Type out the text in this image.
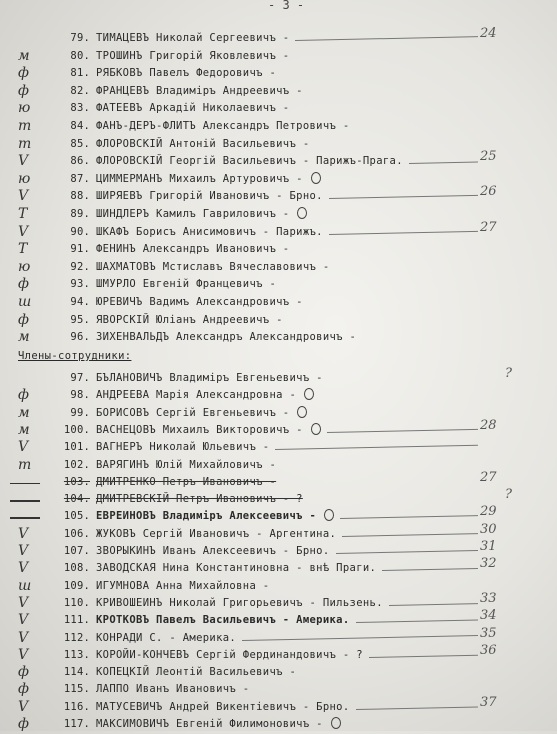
- 3 -
79. ТИМАЦЕВЪ Николай Сергеевичъ -	24
м	80. ТРОШИНЪ Григорій Яковлевичъ -
ф	81. РЯБКОВЪ Павелъ Федоровичъ -
ф	82. ФРАНЦЕВЪ Владиміръ Андреевичъ -
ю	83. ФАТЕЕВЪ Аркадій Николаевичъ -
т	84. ФАНЪ-ДЕРЪ-ФЛИТЪ Александръ Петровичъ -
т	85. ФЛОРОВСКІЙ Антоній Васильевичъ -
V	86. ФЛОРОВСКІЙ Георгій Васильевичъ - Парижъ-Прага.	25
ю	87. ЦИММЕРМАНЪ Михаилъ Артуровичъ -
V	88. ШИРЯЕВЪ Григорій Ивановичъ - Брно.	26
Т	89. ШИНДЛЕРЪ Камилъ Гавриловичъ -
V	90. ШКАФЪ Борисъ Анисимовичъ - Парижъ.	27
Т	91. ФЕНИНЪ Александръ Ивановичъ -
ю	92. ШАХМАТОВЪ Мстиславъ Вячеславовичъ -
ф	93. ШМУРЛО Евгеній Францевичъ -
ш	94. ЮРЕВИЧЪ Вадимъ Александровичъ -
ф	95. ЯВОРСКІЙ Юліанъ Андреевичъ -
м	96. ЗИХЕНВАЛЬДЪ Александръ Александровичъ -
Члены-сотрудники:
97. БЪЛАНОВИЧЪ Владиміръ Евгеньевичъ -	?
ф	98. АНДРЕЕВА Марія Александровна -
м	99. БОРИСОВЪ Сергій Евгеньевичъ -
м	100. ВАСНЕЦОВЪ Михаилъ Викторовичъ -	28
V	101. ВАГНЕРЪ Николай Юльевичъ -
т	102. ВАРЯГИНЪ Юлій Михайловичъ -
103. ДМИТРЕНКО Петръ Ивановичъ -	27
104. ДМИТРЕВСКІЙ Петръ Ивановичъ - ?	?
105. ЕВРЕИНОВЪ Владиміръ Алексеевичъ -	29
V	106. ЖУКОВЪ Сергій Ивановичъ - Аргентина.	30
V	107. ЗВОРЫКИНЪ Иванъ Алексеевичъ - Брно.	31
V	108. ЗАВОДСКАЯ Нина Константиновна - внѣ Праги.	32
ш	109. ИГУМНОВА Анна Михайловна -
V	110. КРИВОШЕИНЪ Николай Григорьевичъ - Пильзень.	33
V	111. КРОТКОВЪ Павелъ Васильевичъ - Америка.	34
V	112. КОНРАДИ С. - Америка.	35
V	113. КОРОЙИ-КОНЧЕВЪ Сергій Фердинандовичъ - ?	36
ф	114. КОПЕЦКІЙ Леонтій Васильевичъ -
ф	115. ЛАППО Иванъ Ивановичъ -
V	116. МАТУСЕВИЧЪ Андрей Викентіевичъ - Брно.	37
ф	117. МАКСИМОВИЧЪ Евгеній Филимоновичъ -
